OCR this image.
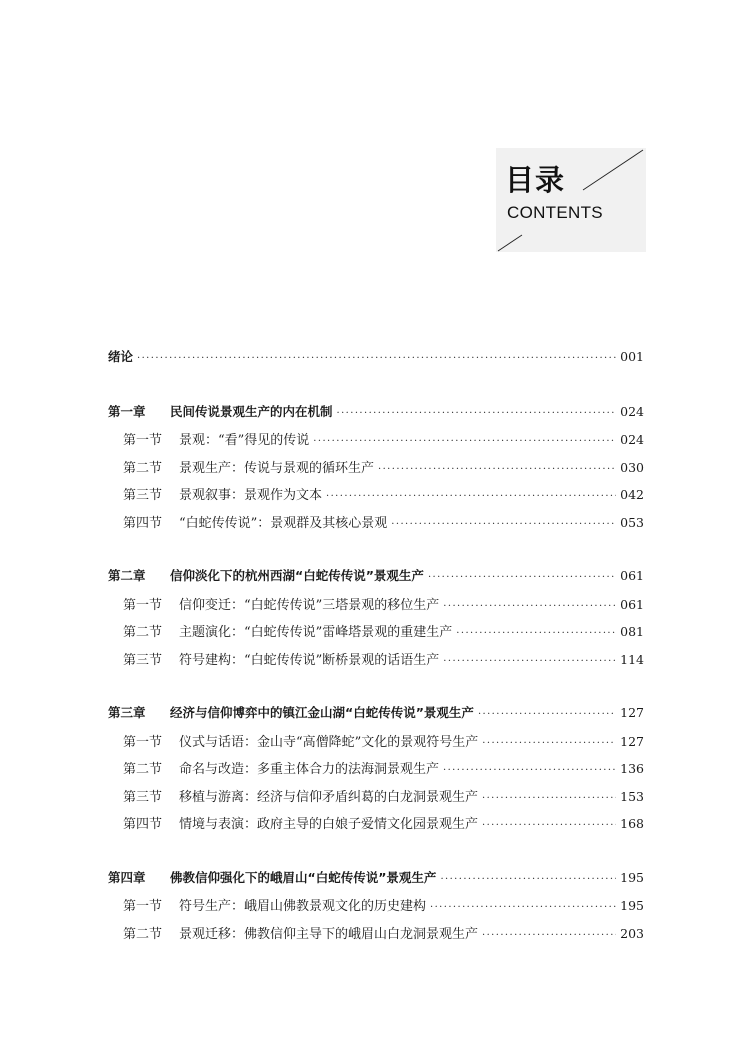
目录
CONTENTS
绪论 ·····	001
第一章 民间传说景观生产的内在机制 ·····	024
第一节 景观：“看”得见的传说 ·····	024
第二节 景观生产：传说与景观的循环生产 ·····	030
第三节 景观叙事：景观作为文本 ·····	042
第四节 “白蛇传传说”：景观群及其核心景观 ·····	053
第二章 信仰淡化下的杭州西湖“白蛇传传说”景观生产 ·····	061
第一节 信仰变迁：“白蛇传传说”三塔景观的移位生产 ·····	061
第二节 主题演化：“白蛇传传说”雷峰塔景观的重建生产 ·····	081
第三节 符号建构：“白蛇传传说”断桥景观的话语生产 ·····	114
第三章 经济与信仰博弈中的镇江金山湖“白蛇传传说”景观生产 ·····	127
第一节 仪式与话语：金山寺“高僧降蛇”文化的景观符号生产 ·····	127
第二节 命名与改造：多重主体合力的法海洞景观生产 ·····	136
第三节 移植与游离：经济与信仰矛盾纠葛的白龙洞景观生产 ·····	153
第四节 情境与表演：政府主导的白娘子爱情文化园景观生产 ·····	168
第四章 佛教信仰强化下的峨眉山“白蛇传传说”景观生产 ·····	195
第一节 符号生产：峨眉山佛教景观文化的历史建构 ·····	195
第二节 景观迁移：佛教信仰主导下的峨眉山白龙洞景观生产 ·····	203
